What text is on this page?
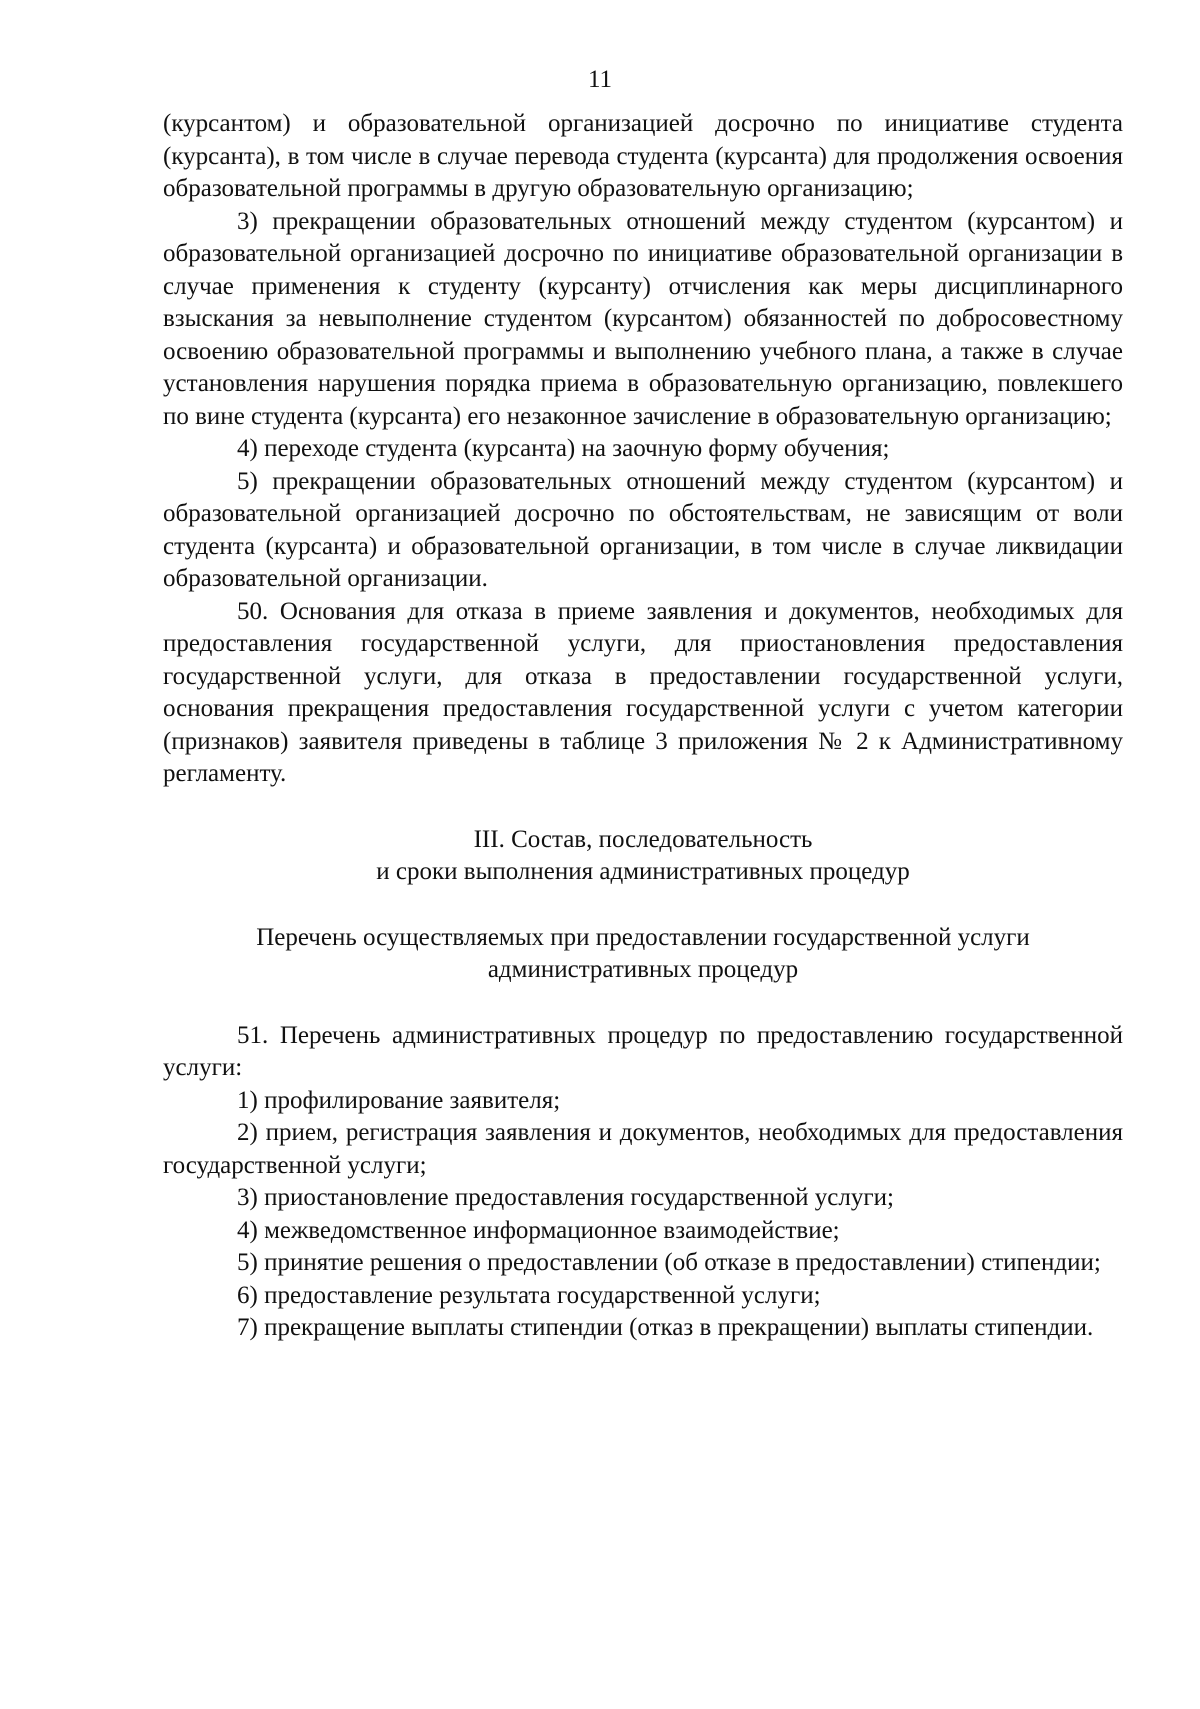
11

(курсантом) и образовательной организацией досрочно по инициативе студента (курсанта), в том числе в случае перевода студента (курсанта) для продолжения освоения образовательной программы в другую образовательную организацию;

3) прекращении образовательных отношений между студентом (курсантом) и образовательной организацией досрочно по инициативе образовательной организации в случае применения к студенту (курсанту) отчисления как меры дисциплинарного взыскания за невыполнение студентом (курсантом) обязанностей по добросовестному освоению образовательной программы и выполнению учебного плана, а также в случае установления нарушения порядка приема в образовательную организацию, повлекшего по вине студента (курсанта) его незаконное зачисление в образовательную организацию;

4) переходе студента (курсанта) на заочную форму обучения;

5) прекращении образовательных отношений между студентом (курсантом) и образовательной организацией досрочно по обстоятельствам, не зависящим от воли студента (курсанта) и образовательной организации, в том числе в случае ликвидации образовательной организации.

50. Основания для отказа в приеме заявления и документов, необходимых для предоставления государственной услуги, для приостановления предоставления государственной услуги, для отказа в предоставлении государственной услуги, основания прекращения предоставления государственной услуги с учетом категории (признаков) заявителя приведены в таблице 3 приложения № 2 к Административному регламенту.

III. Состав, последовательность
и сроки выполнения административных процедур
Перечень осуществляемых при предоставлении государственной услуги
административных процедур

51. Перечень административных процедур по предоставлению государственной услуги:

1) профилирование заявителя;

2) прием, регистрация заявления и документов, необходимых для предоставления государственной услуги;

3) приостановление предоставления государственной услуги;

4) межведомственное информационное взаимодействие;

5) принятие решения о предоставлении (об отказе в предоставлении) стипендии;

6) предоставление результата государственной услуги;

7) прекращение выплаты стипендии (отказ в прекращении) выплаты стипендии.
